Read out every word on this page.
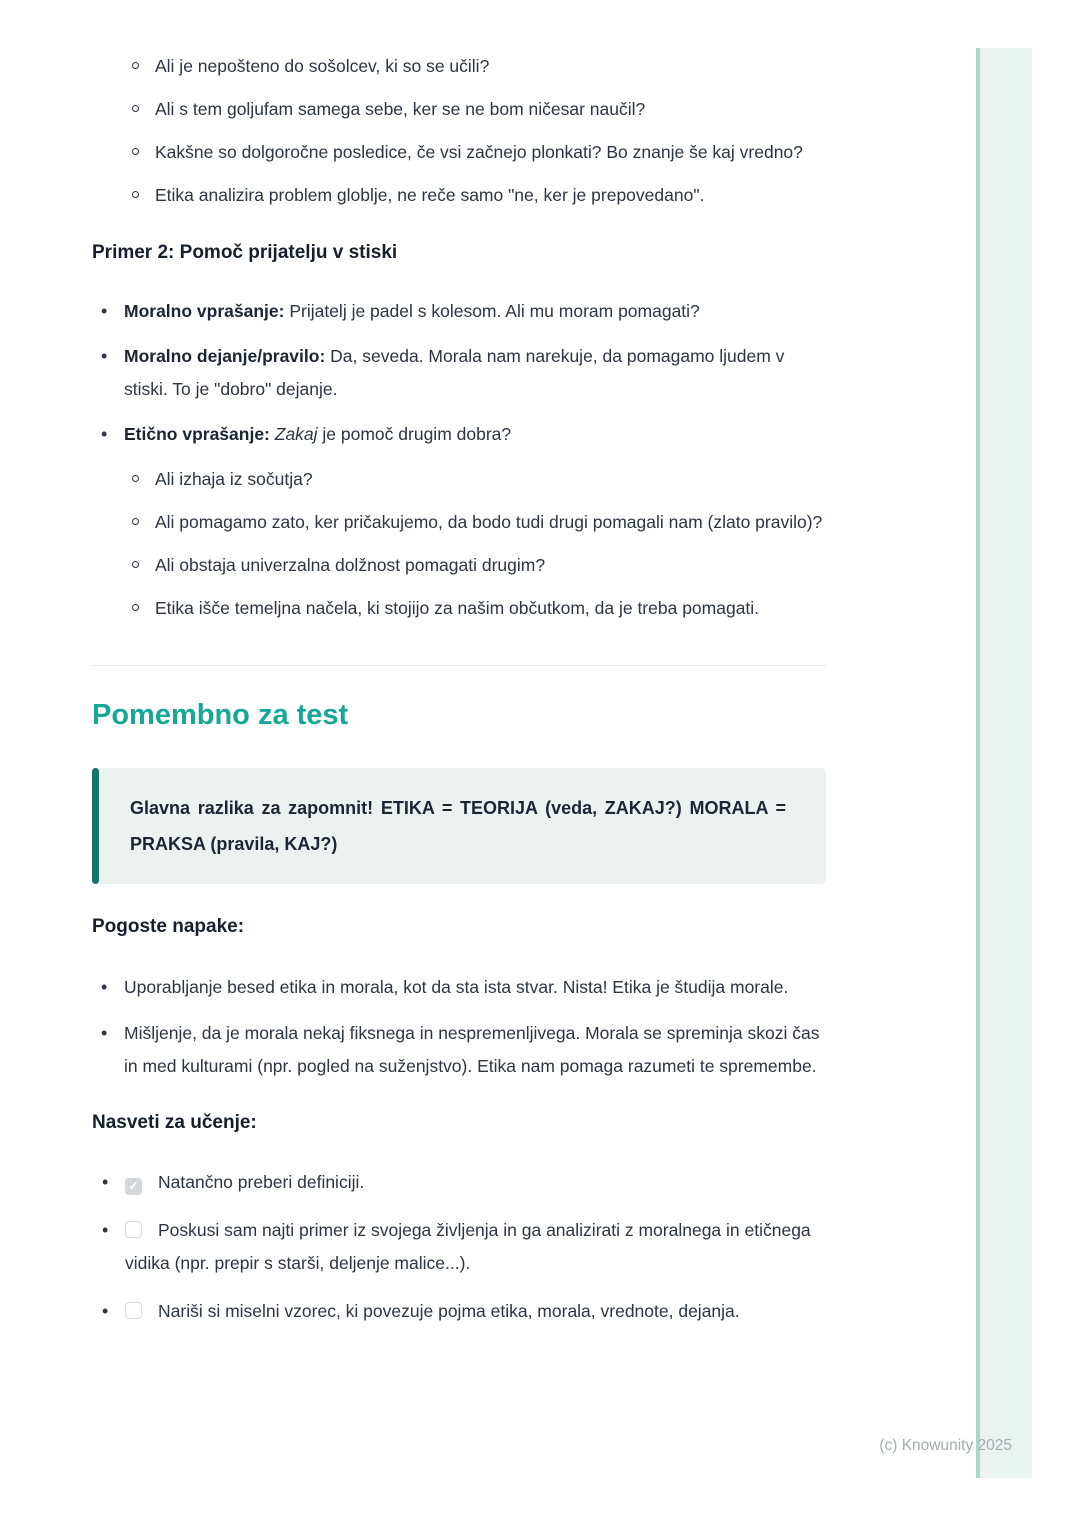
Ali je nepošteno do sošolcev, ki so se učili?
Ali s tem goljufam samega sebe, ker se ne bom ničesar naučil?
Kakšne so dolgoročne posledice, če vsi začnejo plonkati? Bo znanje še kaj vredno?
Etika analizira problem globlje, ne reče samo "ne, ker je prepovedano".
Primer 2: Pomoč prijatelju v stiski
• Moralno vprašanje: Prijatelj je padel s kolesom. Ali mu moram pomagati?
• Moralno dejanje/pravilo: Da, seveda. Morala nam narekuje, da pomagamo ljudem v stiski. To je "dobro" dejanje.
• Etično vprašanje: Zakaj je pomoč drugim dobra?
Ali izhaja iz sočutja?
Ali pomagamo zato, ker pričakujemo, da bodo tudi drugi pomagali nam (zlato pravilo)?
Ali obstaja univerzalna dolžnost pomagati drugim?
Etika išče temeljna načela, ki stojijo za našim občutkom, da je treba pomagati.
Pomembno za test

Glavna razlika za zapomnit! ETIKA = TEORIJA (veda, ZAKAJ?) MORALA = PRAKSA (pravila, KAJ?)

Pogoste napake:
• Uporabljanje besed etika in morala, kot da sta ista stvar. Nista! Etika je študija morale.
• Mišljenje, da je morala nekaj fiksnega in nespremenljivega. Morala se spreminja skozi čas in med kulturami (npr. pogled na suženjstvo). Etika nam pomaga razumeti te spremembe.
Nasveti za učenje:
• ✓ Natančno preberi definiciji.
• Poskusi sam najti primer iz svojega življenja in ga analizirati z moralnega in etičnega vidika (npr. prepir s starši, deljenje malice...).
• Nariši si miselni vzorec, ki povezuje pojma etika, morala, vrednote, dejanja.
(c) Knowunity 2025
